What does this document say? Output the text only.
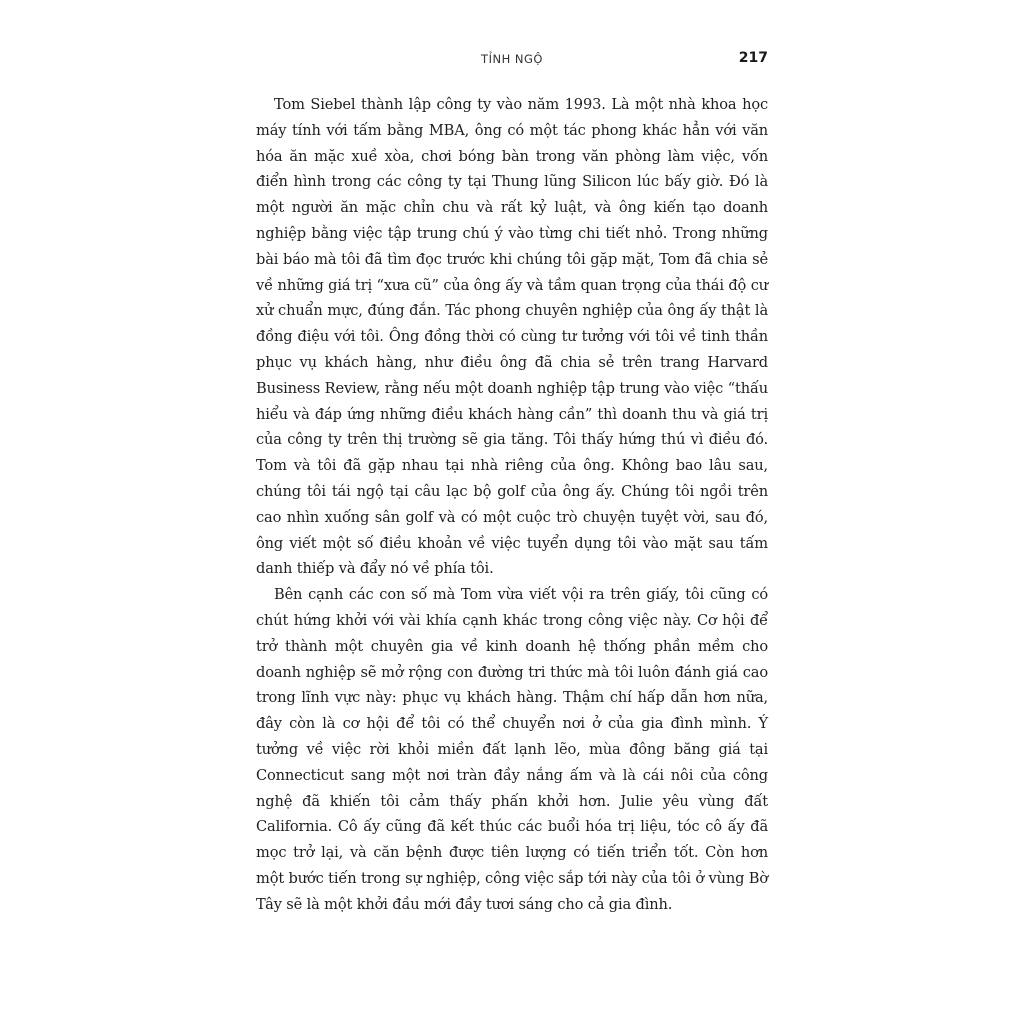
TỈNH NGỘ	217

Tom Siebel thành lập công ty vào năm 1993. Là một nhà khoa học máy tính với tấm bằng MBA, ông có một tác phong khác hẳn với văn hóa ăn mặc xuề xòa, chơi bóng bàn trong văn phòng làm việc, vốn điển hình trong các công ty tại Thung lũng Silicon lúc bấy giờ. Đó là một người ăn mặc chỉn chu và rất kỷ luật, và ông kiến tạo doanh nghiệp bằng việc tập trung chú ý vào từng chi tiết nhỏ. Trong những bài báo mà tôi đã tìm đọc trước khi chúng tôi gặp mặt, Tom đã chia sẻ về những giá trị “xưa cũ” của ông ấy và tầm quan trọng của thái độ cư xử chuẩn mực, đúng đắn. Tác phong chuyên nghiệp của ông ấy thật là đồng điệu với tôi. Ông đồng thời có cùng tư tưởng với tôi về tinh thần phục vụ khách hàng, như điều ông đã chia sẻ trên trang Harvard Business Review, rằng nếu một doanh nghiệp tập trung vào việc “thấu hiểu và đáp ứng những điều khách hàng cần” thì doanh thu và giá trị của công ty trên thị trường sẽ gia tăng. Tôi thấy hứng thú vì điều đó. Tom và tôi đã gặp nhau tại nhà riêng của ông. Không bao lâu sau, chúng tôi tái ngộ tại câu lạc bộ golf của ông ấy. Chúng tôi ngồi trên cao nhìn xuống sân golf và có một cuộc trò chuyện tuyệt vời, sau đó, ông viết một số điều khoản về việc tuyển dụng tôi vào mặt sau tấm danh thiếp và đẩy nó về phía tôi.

Bên cạnh các con số mà Tom vừa viết vội ra trên giấy, tôi cũng có chút hứng khởi với vài khía cạnh khác trong công việc này. Cơ hội để trở thành một chuyên gia về kinh doanh hệ thống phần mềm cho doanh nghiệp sẽ mở rộng con đường tri thức mà tôi luôn đánh giá cao trong lĩnh vực này: phục vụ khách hàng. Thậm chí hấp dẫn hơn nữa, đây còn là cơ hội để tôi có thể chuyển nơi ở của gia đình mình. Ý tưởng về việc rời khỏi miền đất lạnh lẽo, mùa đông băng giá tại Connecticut sang một nơi tràn đầy nắng ấm và là cái nôi của công nghệ đã khiến tôi cảm thấy phấn khởi hơn. Julie yêu vùng đất California. Cô ấy cũng đã kết thúc các buổi hóa trị liệu, tóc cô ấy đã mọc trở lại, và căn bệnh được tiên lượng có tiến triển tốt. Còn hơn một bước tiến trong sự nghiệp, công việc sắp tới này của tôi ở vùng Bờ Tây sẽ là một khởi đầu mới đầy tươi sáng cho cả gia đình.
